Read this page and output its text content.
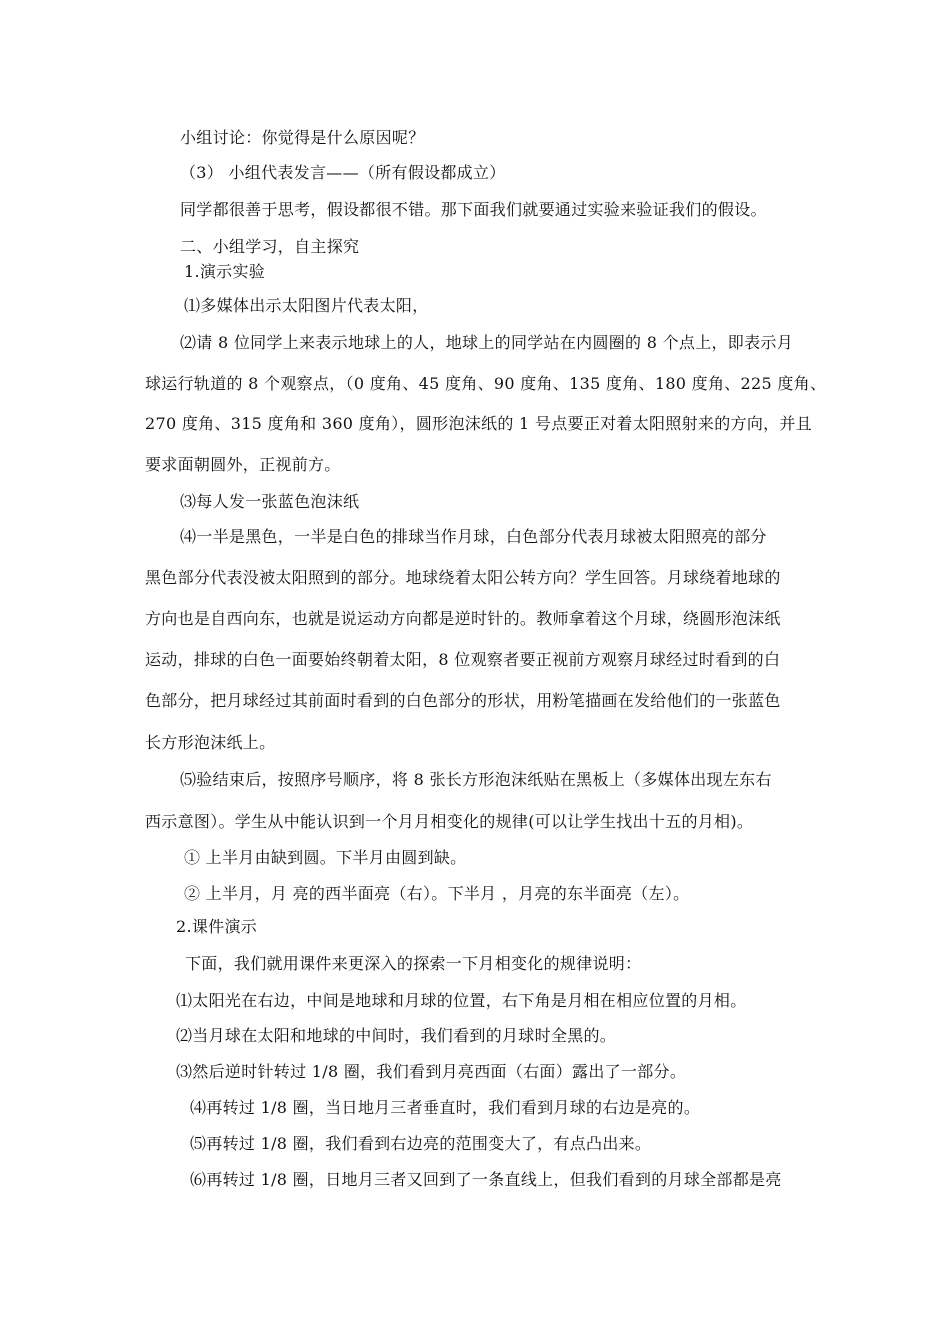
小组讨论：你觉得是什么原因呢？

（3） 小组代表发言——（所有假设都成立）

同学都很善于思考，假设都很不错。那下面我们就要通过实验来验证我们的假设。

二、小组学习，自主探究

1.演示实验

⑴多媒体出示太阳图片代表太阳，

⑵请 8 位同学上来表示地球上的人，地球上的同学站在内圆圈的 8 个点上，即表示月

球运行轨道的 8 个观察点，（0 度角、45 度角、90 度角、135 度角、180 度角、225 度角、

270 度角、315 度角和 360 度角），圆形泡沫纸的 1 号点要正对着太阳照射来的方向，并且

要求面朝圆外，正视前方。

⑶每人发一张蓝色泡沫纸

⑷一半是黑色，一半是白色的排球当作月球，白色部分代表月球被太阳照亮的部分

黑色部分代表没被太阳照到的部分。地球绕着太阳公转方向？学生回答。月球绕着地球的

方向也是自西向东，也就是说运动方向都是逆时针的。教师拿着这个月球，绕圆形泡沫纸

运动，排球的白色一面要始终朝着太阳，8 位观察者要正视前方观察月球经过时看到的白

色部分，把月球经过其前面时看到的白色部分的形状，用粉笔描画在发给他们的一张蓝色

长方形泡沫纸上。

⑸验结束后，按照序号顺序，将 8 张长方形泡沫纸贴在黑板上（多媒体出现左东右

西示意图）。学生从中能认识到一个月月相变化的规律(可以让学生找出十五的月相)。

① 上半月由缺到圆。下半月由圆到缺。

② 上半月，月 亮的西半面亮（右）。下半月 ，月亮的东半面亮（左）。

2.课件演示

下面，我们就用课件来更深入的探索一下月相变化的规律说明：

⑴太阳光在右边，中间是地球和月球的位置，右下角是月相在相应位置的月相。

⑵当月球在太阳和地球的中间时，我们看到的月球时全黑的。

⑶然后逆时针转过 1/8 圈，我们看到月亮西面（右面）露出了一部分。

⑷再转过 1/8 圈，当日地月三者垂直时，我们看到月球的右边是亮的。

⑸再转过 1/8 圈，我们看到右边亮的范围变大了，有点凸出来。

⑹再转过 1/8 圈，日地月三者又回到了一条直线上，但我们看到的月球全部都是亮
